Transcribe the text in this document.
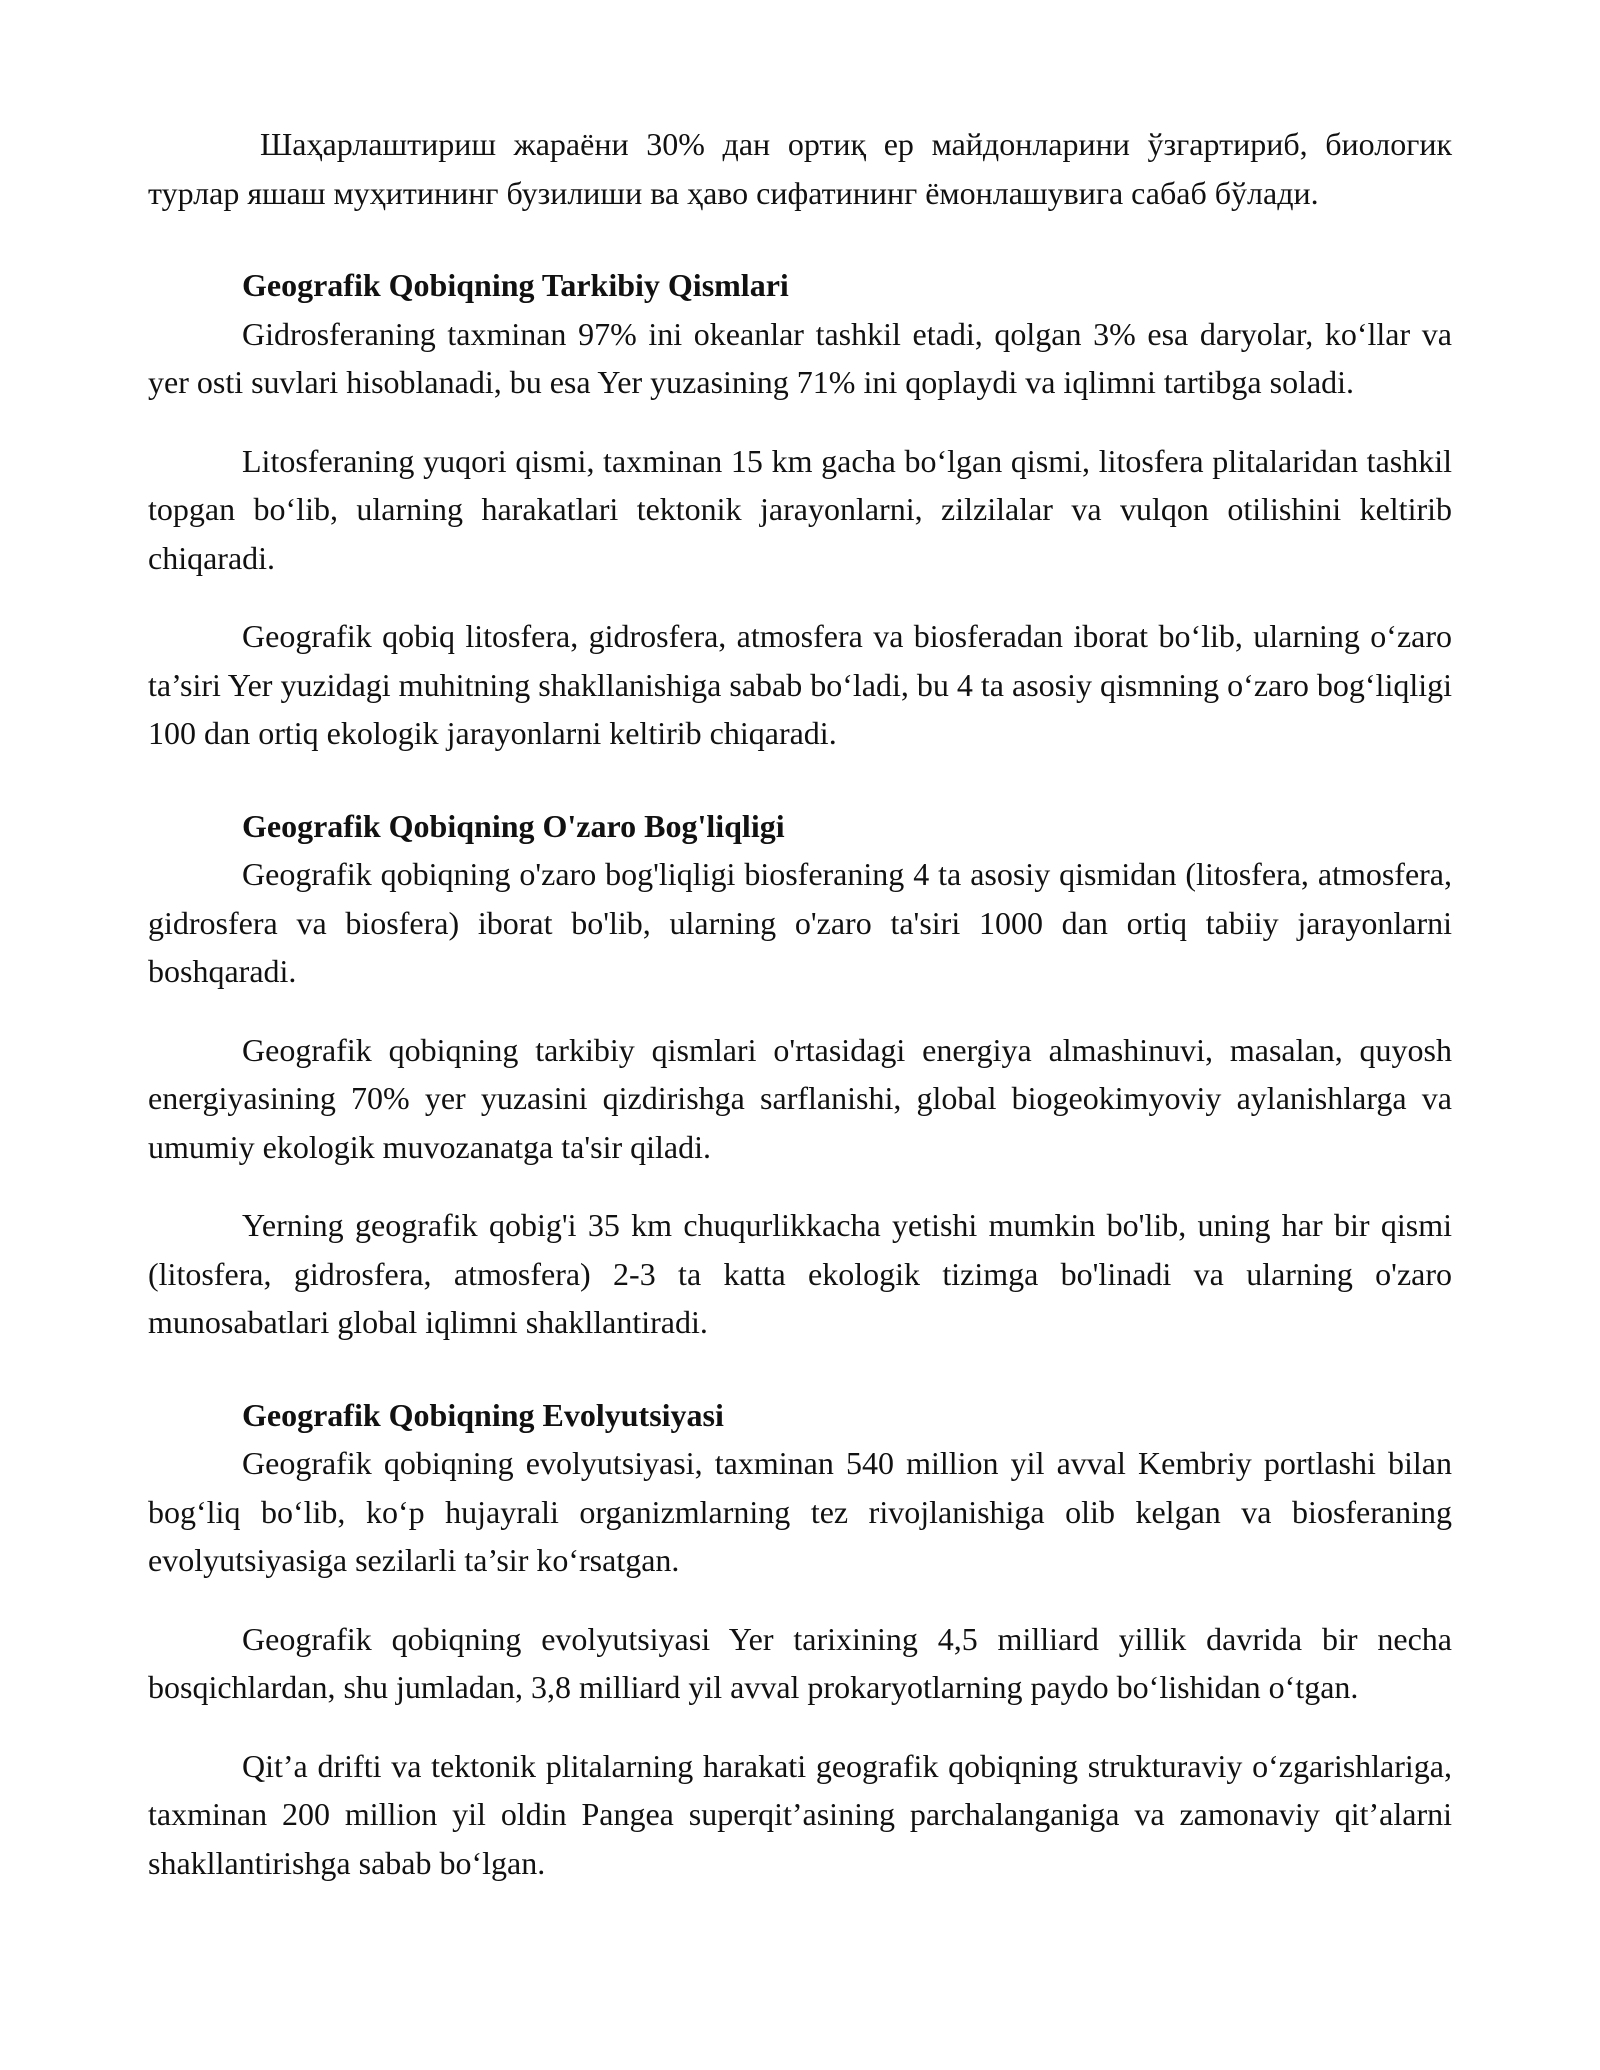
Шаҳарлаштириш жараёни 30% дан ортиқ ер майдонларини ўзгартириб, биологик турлар яшаш муҳитининг бузилиши ва ҳаво сифатининг ёмонлашувига сабаб бўлади.

Geografik Qobiqning Tarkibiy Qismlari

Gidrosferaning taxminan 97% ini okeanlar tashkil etadi, qolgan 3% esa daryolar, ko‘llar va yer osti suvlari hisoblanadi, bu esa Yer yuzasining 71% ini qoplaydi va iqlimni tartibga soladi.

Litosferaning yuqori qismi, taxminan 15 km gacha bo‘lgan qismi, litosfera plitalaridan tashkil topgan bo‘lib, ularning harakatlari tektonik jarayonlarni, zilzilalar va vulqon otilishini keltirib chiqaradi.

Geografik qobiq litosfera, gidrosfera, atmosfera va biosferadan iborat bo‘lib, ularning o‘zaro ta’siri Yer yuzidagi muhitning shakllanishiga sabab bo‘ladi, bu 4 ta asosiy qismning o‘zaro bog‘liqligi 100 dan ortiq ekologik jarayonlarni keltirib chiqaradi.

Geografik Qobiqning O'zaro Bog'liqligi

Geografik qobiqning o'zaro bog'liqligi biosferaning 4 ta asosiy qismidan (litosfera, atmosfera, gidrosfera va biosfera) iborat bo'lib, ularning o'zaro ta'siri 1000 dan ortiq tabiiy jarayonlarni boshqaradi.

Geografik qobiqning tarkibiy qismlari o'rtasidagi energiya almashinuvi, masalan, quyosh energiyasining 70% yer yuzasini qizdirishga sarflanishi, global biogeokimyoviy aylanishlarga va umumiy ekologik muvozanatga ta'sir qiladi.

Yerning geografik qobig'i 35 km chuqurlikkacha yetishi mumkin bo'lib, uning har bir qismi (litosfera, gidrosfera, atmosfera) 2-3 ta katta ekologik tizimga bo'linadi va ularning o'zaro munosabatlari global iqlimni shakllantiradi.

Geografik Qobiqning Evolyutsiyasi

Geografik qobiqning evolyutsiyasi, taxminan 540 million yil avval Kembriy portlashi bilan bog‘liq bo‘lib, ko‘p hujayrali organizmlarning tez rivojlanishiga olib kelgan va biosferaning evolyutsiyasiga sezilarli ta’sir ko‘rsatgan.

Geografik qobiqning evolyutsiyasi Yer tarixining 4,5 milliard yillik davrida bir necha bosqichlardan, shu jumladan, 3,8 milliard yil avval prokaryotlarning paydo bo‘lishidan o‘tgan.

Qit’a drifti va tektonik plitalarning harakati geografik qobiqning strukturaviy o‘zgarishlariga, taxminan 200 million yil oldin Pangea superqit’asining parchalanganiga va zamonaviy qit’alarni shakllantirishga sabab bo‘lgan.
